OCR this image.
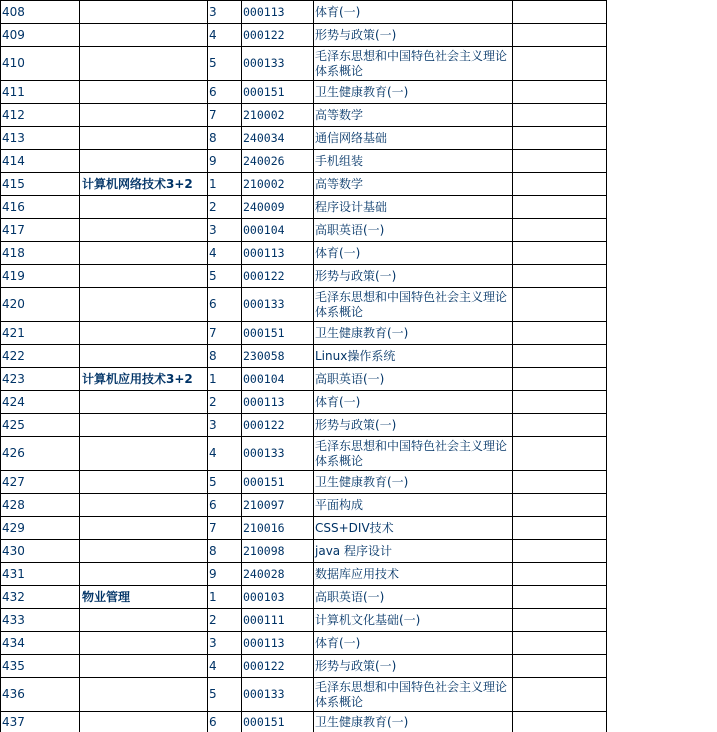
408		3	000113	体育(一)	
409		4	000122	形势与政策(一)	
410		5	000133	毛泽东思想和中国特色社会主义理论体系概论	
411		6	000151	卫生健康教育(一)	
412		7	210002	高等数学	
413		8	240034	通信网络基础	
414		9	240026	手机组装	
415	计算机网络技术3+2	1	210002	高等数学	
416		2	240009	程序设计基础	
417		3	000104	高职英语(一)	
418		4	000113	体育(一)	
419		5	000122	形势与政策(一)	
420		6	000133	毛泽东思想和中国特色社会主义理论体系概论	
421		7	000151	卫生健康教育(一)	
422		8	230058	Linux操作系统	
423	计算机应用技术3+2	1	000104	高职英语(一)	
424		2	000113	体育(一)	
425		3	000122	形势与政策(一)	
426		4	000133	毛泽东思想和中国特色社会主义理论体系概论	
427		5	000151	卫生健康教育(一)	
428		6	210097	平面构成	
429		7	210016	CSS+DIV技术	
430		8	210098	java 程序设计	
431		9	240028	数据库应用技术	
432	物业管理	1	000103	高职英语(一)	
433		2	000111	计算机文化基础(一)	
434		3	000113	体育(一)	
435		4	000122	形势与政策(一)	
436		5	000133	毛泽东思想和中国特色社会主义理论体系概论	
437		6	000151	卫生健康教育(一)	
